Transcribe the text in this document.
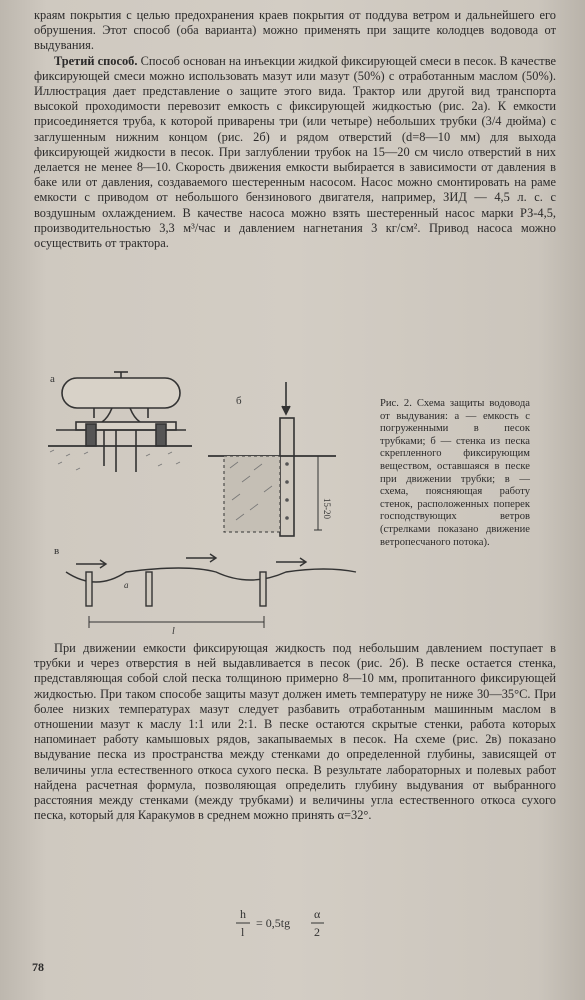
краям покрытия с целью предохранения краев покрытия от поддува ветром и дальнейшего его обрушения. Этот способ (оба варианта) можно применять при защите колодцев водовода от выдувания.

Третий способ. Способ основан на инъекции жидкой фиксирующей смеси в песок. В качестве фиксирующей смеси можно использовать мазут или мазут (50%) с отработанным маслом (50%). Иллюстрация дает представление о защите этого вида. Трактор или другой вид транспорта высокой проходимости перевозит емкость с фиксирующей жидкостью (рис. 2а). К емкости присоединяется труба, к которой приварены три (или четыре) небольших трубки (3/4 дюйма) с заглушенным нижним концом (рис. 2б) и рядом отверстий (d=8—10 мм) для выхода фиксирующей жидкости в песок. При заглублении трубок на 15—20 см число отверстий в них делается не менее 8—10. Скорость движения емкости выбирается в зависимости от давления в баке или от давления, создаваемого шестеренным насосом. Насос можно смонтировать на раме емкости с приводом от небольшого бензинового двигателя, например, ЗИД — 4,5 л. с. с воздушным охлаждением. В качестве насоса можно взять шестеренный насос марки РЗ-4,5, производительностью 3,3 м³/час и давлением нагнетания 3 кг/см². Привод насоса можно осуществить от трактора.

а
б
15-20
в
l
a

Рис. 2. Схема защиты водовода от выдувания: а — емкость с погруженными в песок трубками; б — стенка из песка скрепленного фиксирующим веществом, оставшаяся в песке при движении трубки; в — схема, поясняющая работу стенок, расположенных поперек господствующих ветров (стрелками показано движение ветропесчаного потока).

При движении емкости фиксирующая жидкость под небольшим давлением поступает в трубки и через отверстия в ней выдавливается в песок (рис. 2б). В песке остается стенка, представляющая собой слой песка толщиною примерно 8—10 мм, пропитанного фиксирующей жидкостью. При таком способе защиты мазут должен иметь температуру не ниже 30—35°С. При более низких температурах мазут следует разбавить отработанным машинным маслом в отношении мазут к маслу 1:1 или 2:1. В песке остаются скрытые стенки, работа которых напоминает работу камышовых рядов, закапываемых в песок. На схеме (рис. 2в) показано выдувание песка из пространства между стенками до определенной глубины, зависящей от величины угла естественного откоса сухого песка. В результате лабораторных и полевых работ найдена расчетная формула, позволяющая определить глубину выдувания от выбранного расстояния между стенками (между трубками) и величины угла естественного откоса сухого песка, который для Каракумов в среднем можно принять α=32°.

h
l
= 0,5tg
α
2
78
